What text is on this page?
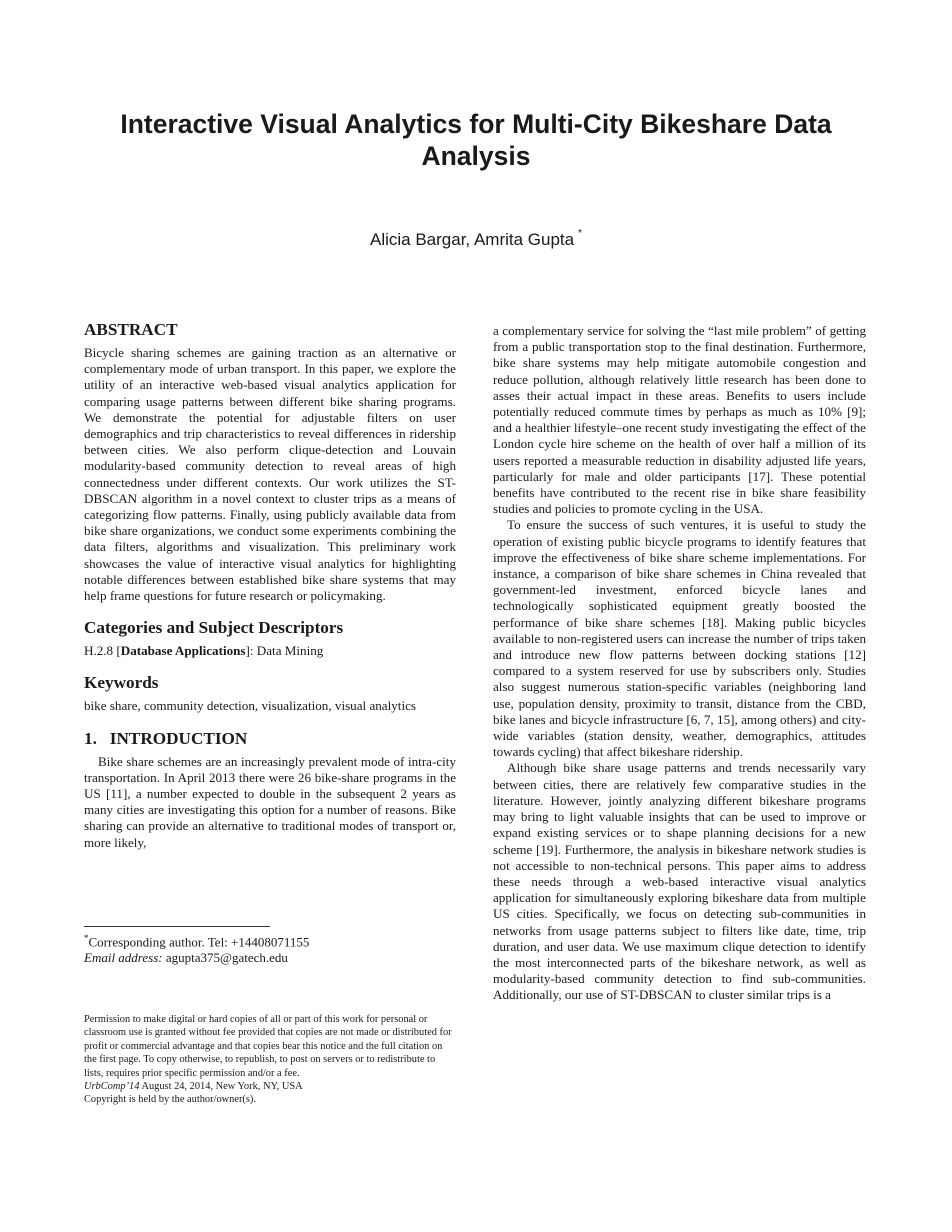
Interactive Visual Analytics for Multi-City Bikeshare Data Analysis
Alicia Bargar, Amrita Gupta *
ABSTRACT

Bicycle sharing schemes are gaining traction as an alternative or complementary mode of urban transport. In this paper, we explore the utility of an interactive web-based visual analytics application for comparing usage patterns between different bike sharing programs. We demonstrate the potential for adjustable filters on user demographics and trip characteristics to reveal differences in ridership between cities. We also perform clique-detection and Louvain modularity-based community detection to reveal areas of high connectedness under different contexts. Our work utilizes the ST-DBSCAN algorithm in a novel context to cluster trips as a means of categorizing flow patterns. Finally, using publicly available data from bike share organizations, we conduct some experiments combining the data filters, algorithms and visualization. This preliminary work showcases the value of interactive visual analytics for highlighting notable differences between established bike share systems that may help frame questions for future research or policymaking.

Categories and Subject Descriptors

H.2.8 [Database Applications]: Data Mining

Keywords

bike share, community detection, visualization, visual analytics

1.   INTRODUCTION

Bike share schemes are an increasingly prevalent mode of intra-city transportation. In April 2013 there were 26 bike-share programs in the US [11], a number expected to double in the subsequent 2 years as many cities are investigating this option for a number of reasons. Bike sharing can provide an alternative to traditional modes of transport or, more likely,

*Corresponding author. Tel: +14408071155
Email address: agupta375@gatech.edu
Permission to make digital or hard copies of all or part of this work for personal or classroom use is granted without fee provided that copies are not made or distributed for profit or commercial advantage and that copies bear this notice and the full citation on the first page. To copy otherwise, to republish, to post on servers or to redistribute to lists, requires prior specific permission and/or a fee.
UrbComp’14 August 24, 2014, New York, NY, USA
Copyright is held by the author/owner(s).

a complementary service for solving the “last mile problem” of getting from a public transportation stop to the final destination. Furthermore, bike share systems may help mitigate automobile congestion and reduce pollution, although relatively little research has been done to asses their actual impact in these areas. Benefits to users include potentially reduced commute times by perhaps as much as 10% [9]; and a healthier lifestyle–one recent study investigating the effect of the London cycle hire scheme on the health of over half a million of its users reported a measurable reduction in disability adjusted life years, particularly for male and older participants [17]. These potential benefits have contributed to the recent rise in bike share feasibility studies and policies to promote cycling in the USA.

To ensure the success of such ventures, it is useful to study the operation of existing public bicycle programs to identify features that improve the effectiveness of bike share scheme implementations. For instance, a comparison of bike share schemes in China revealed that government-led investment, enforced bicycle lanes and technologically sophisticated equipment greatly boosted the performance of bike share schemes [18]. Making public bicycles available to non-registered users can increase the number of trips taken and introduce new flow patterns between docking stations [12] compared to a system reserved for use by subscribers only. Studies also suggest numerous station-specific variables (neighboring land use, population density, proximity to transit, distance from the CBD, bike lanes and bicycle infrastructure [6, 7, 15], among others) and city-wide variables (station density, weather, demographics, attitudes towards cycling) that affect bikeshare ridership.

Although bike share usage patterns and trends necessarily vary between cities, there are relatively few comparative studies in the literature. However, jointly analyzing different bikeshare programs may bring to light valuable insights that can be used to improve or expand existing services or to shape planning decisions for a new scheme [19]. Furthermore, the analysis in bikeshare network studies is not accessible to non-technical persons. This paper aims to address these needs through a web-based interactive visual analytics application for simultaneously exploring bikeshare data from multiple US cities. Specifically, we focus on detecting sub-communities in networks from usage patterns subject to filters like date, time, trip duration, and user data. We use maximum clique detection to identify the most interconnected parts of the bikeshare network, as well as modularity-based community detection to find sub-communities. Additionally, our use of ST-DBSCAN to cluster similar trips is a
